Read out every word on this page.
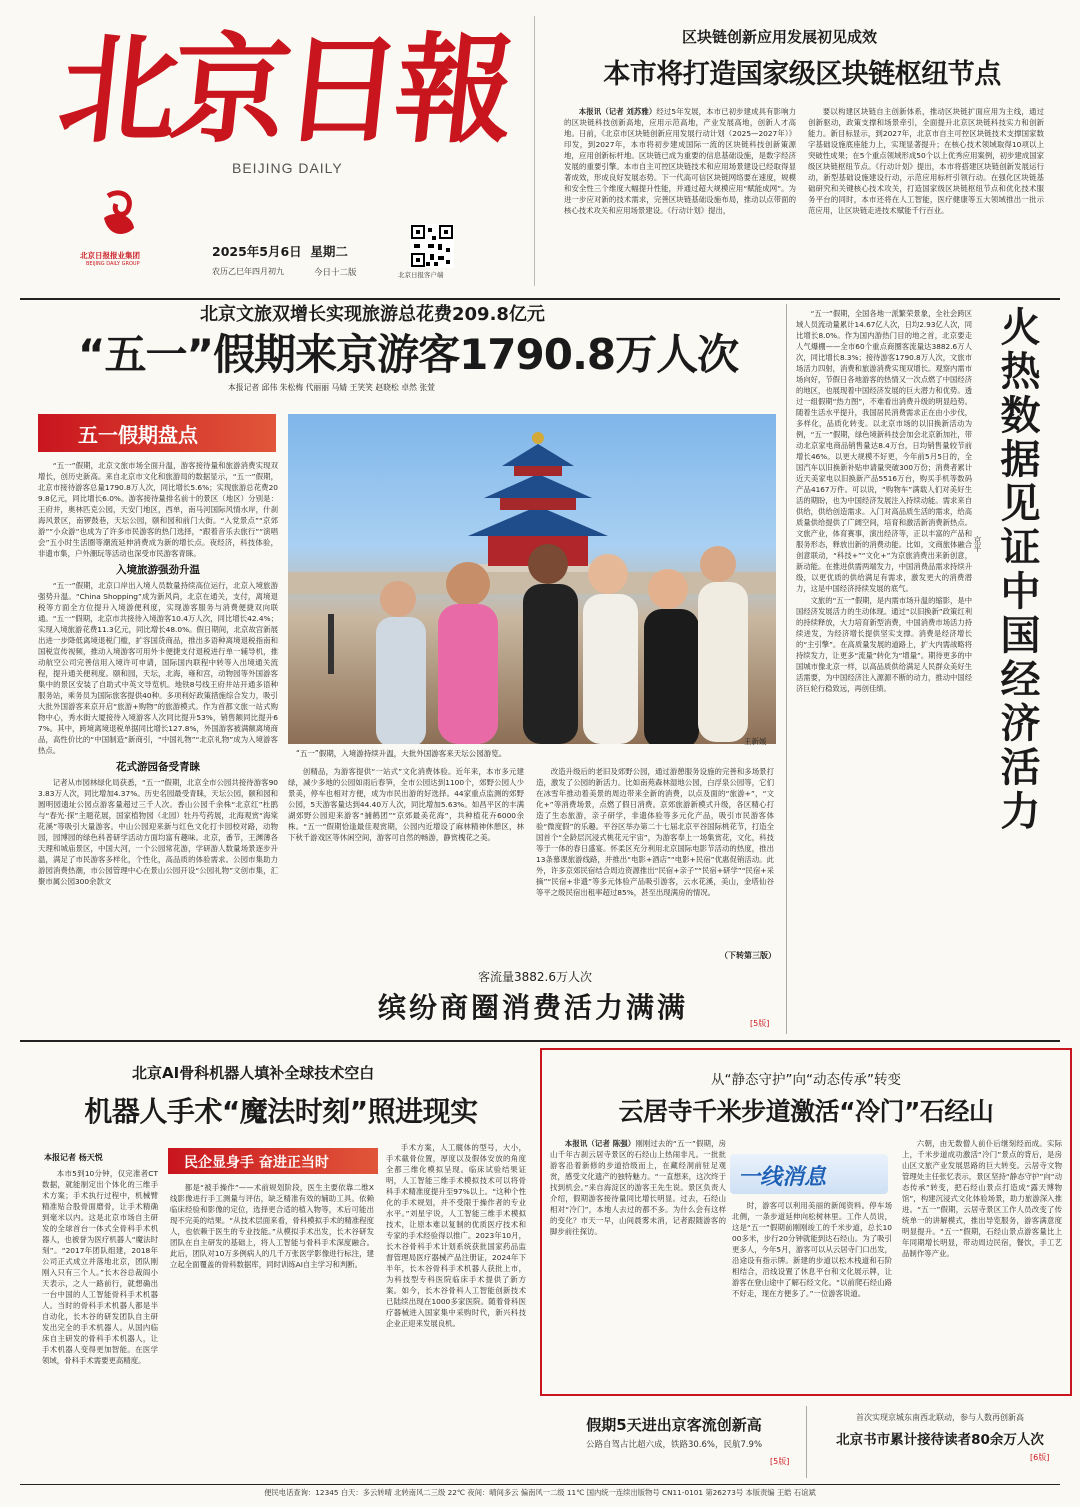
北京日報
BEIJING DAILY
北京日报报业集团
BEIJING DAILY GROUP
2025年5月6日 星期二
农历乙巳年四月初九	今日十二版	北京日报客户端
区块链创新应用发展初见成效
本市将打造国家级区块链枢纽节点

本报讯（记者 刘苏雅）经过5年发展，本市已初步建成具有影响力的区块链科技创新高地，应用示范高地，产业发展高地，创新人才高地。日前，《北京市区块链创新应用发展行动计划（2025—2027年）》印发，到2027年，本市将初步建成国际一流的区块链科技创新策源地，应用创新标杆地。区块链已成为重要的信息基础设施，是数字经济发展的重要引擎。本市自主可控区块链技术和应用场景建设已经取得显著成效，形成良好发展态势。下一代高可信区块链网络要在速度，规模和安全性三个维度大幅提升性能，并通过超大规模应用“赋能成网”。为进一步应对新的技术需求，完善区块链基础设施布局，推动以点带面的核心技术攻关和应用场景建设。《行动计划》提出，

要以构建区块链自主创新体系，推动区块链扩面应用为主线，通过创新驱动，政策支撑和场景牵引，全面提升北京区块链科技实力和创新能力。新目标显示，到2027年，北京市自主可控区块链技术支撑国家数字基础设施底座能力上，实现显著提升；在核心技术领域取得10项以上突破性成果；在5个重点领域形成50个以上优秀应用案例，初步建成国家级区块链枢纽节点。《行动计划》提出，本市将搭建区块链创新发展运行动，新型基础设施建设行动，示范应用标杆引领行动。在强化区块链基础研究和关键核心技术攻关，打造国家级区块链枢纽节点和优化技术服务平台的同时，本市还将在人工智能，医疗健康等五大领域推出一批示范应用，让区块链走进技术赋能千行百业。

北京文旅双增长实现旅游总花费209.8亿元
“五一”假期来京游客1790.8万人次
本报记者 邱伟 朱松梅 代丽丽 马婧 王笑笑 赵晓松 卓然 张萱
五一假期盘点

“五一”假期，北京文旅市场全面升温，游客接待量和旅游消费实现双增长，创历史新高。来自北京市文化和旅游局的数据显示，“五一”假期，北京市接待游客总量1790.8万人次，同比增长5.6%；实现旅游总花费209.8亿元，同比增长6.0%。游客接待量排名前十的景区（地区）分别是：王府井，奥林匹克公园，天安门地区，西单，南马河国际风情水岸，什刹海风景区，南锣鼓巷，天坛公园，颐和园和前门大街。“入党景点”“京郊游”“小众游”也成为了许多市民游客的热门选择，“跟着音乐去旅行”“演唱会”五小时生活圈等潮流延伸消费成为新的增长点。夜经济，科技体验，非遗市集，户外潮玩等活动也深受市民游客青睐。

入境旅游强劲升温

“五一”假期，北京口岸出入境人员数量持续高位运行，北京入境旅游强势升温。“China Shopping”成为新风尚，北京在通关，支付，离境退税等方面全方位提升入境游便利度，实现游客服务与消费便捷双向联通。“五一”假期，北京市共接待入境游客10.4万人次，同比增长42.4%；实现入境旅游花费11.3亿元，同比增长48.0%。假日期间，北京故宫新展出进一步降低离境退税门槛，扩容国货商品，推出多语种离境退税指南和国税宣传视频，推动入境游客可用外卡便捷支付退税进行单一辅导机，推动航空公司完善信用入境许可申请，国际国内联程中转等入出境通关流程，提升通关便利度。颐和园，天坛，北海，雍和宫，动物园等外国游客集中的景区安装了自助式中英文导览机。地铁8号线王府井站开通多语种服务站，乘务员为国际旅客提供40种。多项利好政策措施综合发力，吸引大批外国游客来京开启“旅游+购物”的旅游模式。作为首都文旅一站式购物中心，秀水街大厦接待入境游客人次同比提升53%，销售额同比提升67%。其中，跨境离境退税单据同比增长127.8%，外国游客被满额离境商品，高性价比的“中国制造”新商引，“中国礼物”“北京礼物”成为入境游客热点。

花式游园备受青睐

记者从市园林绿化局获悉，“五一”假期，北京全市公园共接待游客903.83万人次，同比增加4.37%。历史名园最受青睐，天坛公园，颐和园和圆明园遗址公园点游客量超过三千人次。香山公园千余株“北京红”杜鹃与“春光·探”主题花展，国家植物园（北园）牡丹芍药展，北海观赏“海棠花溪”等吸引大量游客。中山公园迎来新与红色文化打卡园校对路，动物园，园博园的绿色科普研学活动方面均富有趣味。北京，番节，王渊薄各天理和城庙景区，中国大河，一个公园常花游，学研游人数量场景逐步升温，满足了市民游客多样化，个性化，高品质的体验需求。公园市集助力游园消费热潮，市公园管理中心在景山公园开设“公园礼物”文创市集，汇聚市属公园300余款文

“五一”假期，入境游持续升温，大批外国游客来天坛公园游览。
王新媛

创精品，为游客提供“一站式”文化消费体验。近年来，本市多元建绿，减少多地的公园如雨后春笋，全市公园达到1100个，郊野公园人少景美，停车也相对方便，成为市民出游的好选择。44家重点监测的郊野公园，5天游客量达到44.40万人次，同比增加5.63%。如昌平区的丰满湖郊野公园迎来游客“捕鹤团”“京郊最美花海”，共种植花卉6000余株。“五一”假期恰逢最佳观赏期，公园内近增设了麻林精神休憩区，林下秋千游戏区等休闲空间，游客可自然的畅游，静赏槐花之美。

改造升级后的老旧及郊野公园，通过游憩服务设施的完善和多场景打造，激发了公园的新活力。比如南苑森林湿地公园，白浮泉公园等，它们在冰雪年推动着美景的周边带来全新的消费，以点及面的“旅游+”，“文化+”等消费场景，点燃了假日消费。京郊旅游新模式升级，各区精心打造了生态旅游，亲子研学，非遗体验等多元化产品，吸引市民游客体验“微度假”的乐趣。平谷区举办第二十七届北京平谷国际桃花节，打造全国首个“全龄层沉浸式桃花元宇宙”，为游客奉上一场集赏花，文化，科技等于一体的春日盛宴。怀柔区充分利用北京国际电影节活动的热度，推出13条慕课旅游线路，并推出“电影+酒店”“电影+民宿”优惠促销活动。此外，许多京郊民宿结合周边资源推出“民宿+亲子”“民宿+研学”“民宿+采摘”“民宿+非遗”等多元体验产品吸引游客，云水花溪，美山，金塔仙谷等平之级民宿出租率超过85%，甚至出现满房的情况。

（下转第三版）
客流量3882.6万人次
缤纷商圈消费活力满满	[5版]

“五一”假期，全国各地一派繁荣景象，全社会跨区域人员流动量累计14.67亿人次，日均2.93亿人次，同比增长8.0%。作为国内游热门目的地之首，北京要走人气爆棚——全市60个重点商圈客流量达3882.6万人次，同比增长8.3%；接待游客1790.8万人次，文旅市场活力四射，消费和旅游消费实现双增长。观察内需市场向好，节假日各地游客的热情又一次点燃了中国经济的地区，也展现着中国经济发展的巨大潜力和优势。透过一组假期“热力图”，不难看出消费升级的明显趋势。随着生活水平提升，我国居民消费需求正在由小步伐，多样化，品质化转变。以北京市场的以旧换新活动为例，“五一”假期，绿色境新科技会加会北京新加社，带动北京家电商品销售量达8.4万台，日均销售量较节前增长46%。以更大规模不好更，今年前5月5日的，全国汽车以旧换新补贴申请量突破300万份；消费者累计近天美家电以旧换新产品5516万台，购买手机等数码产品4167万件。可以说，“购物车”满载人们对美好生活的期盼，也为中国经济发展注入持续动能。需求来自供给，供给创造需求。入门对高品质生活的需求，给高质量供给提供了广阔空间，培育和激活新消费新热点。文旅产业，体育赛事，演出经济等，正以丰富的产品和服务形态，释放出新的消费动能。比如，文商旅体融合创意联动，“科技+”“文化+”为京旅消费出来新创意，新动能。在推进供需两端发力，中国消费品需求持续升级，以更优质的供给满足有需求，激发更大的消费潜力，这是中国经济持续发展的底气。

文旅的“五一”假期，是内需市场升温的缩影，是中国经济发展活力的生动体现。通过“以旧换新”政策红利的持续释放，大力培育新型消费，中国消费市场活力持续迸发，为经济增长提供坚实支撑。消费是经济增长的“主引擎”。在高质量发展的道路上，扩大内需战略将持续发力，让更多“流量”转化为“增量”。期待更多的中国城市像北京一样，以高品质供给满足人民群众美好生活需要，为中国经济注入源源不断的动力，推动中国经济巨轮行稳致远，再创佳绩。	火热数据见证中国经济活力
京平
北京AI骨科机器人填补全球技术空白
机器人手术“魔法时刻”照进现实
本报记者 杨天悦	民企显身手 奋进正当时

本市5到10分钟，仅完准者CT数据，就能制定出个体化的三维手术方案；手术执行过程中，机械臂精准贴合股骨面磨骨，让手术精确到毫米以内。这是北京市场自主研发的全球首台一体式全骨科手术机器人，也被誉为医疗机器人“魔法时刻”。“2017年团队组建，2018年公司正式成立并落地北京，团队刚刚入只有三个人。”长木谷总裁阎小天表示，之人一路前行，就想确出一台中国的人工智能骨科手术机器人。当时的骨科手术机器人都是半自动化，长木谷的研发团队自主研发出完全的手术机器人。从国内临床自主研发的骨科手术机器人，让手术机器人变得更加智能。在医学领域，骨科手术需要更高精度。

都是“被手操作”——术前规划阶段，医生主要依靠二维X线影像进行手工测量与评估，缺乏精准有效的辅助工具。依赖临床经验和影像的定位，选择更合适的植入物等，术后可能出现不完美的结果。“从技术层面来看，骨科模拟手术的精准程度人，也依赖于医生的专业技能。”从模拟手术出发，长木谷研发团队在自主研发的基础上，将人工智能与骨科手术深度融合。此后，团队对10万多例病人的几千万张医学影像进行标注，建立起全面覆盖的骨科数据库，同时训练AI自主学习和判断。

手术方案，人工髋体的型号，大小，手术截骨位置，厚度以及假体安放的角度全都三维化模拟呈现。临床试验结果证明，人工智能三维手术模拟技术可以将骨科手术精准度提升至97%以上。“这种个性化的手术规划，并不受限于操作者的专业水平。”刘星宇说，人工智能三维手术模拟技术，让原本难以复制的优质医疗技术和专家的手术经验得以推广。2023年10月，长木谷骨科手术计划系统获批国家药品监督管理局医疗器械产品注册证，2024年下半年，长木谷骨科手术机器人获批上市，为科技型专科医院临床手术提供了新方案。如今，长木谷骨科人工智能创新技术已陆续出现在1000多家医院。随着骨科医疗器械进入国家集中采购时代，新兴科技企业正迎来发展良机。

从“静态守护”向“动态传承”转变
云居寺千米步道激活“冷门”石经山

本报讯（记者 陈强）刚刚过去的“五一”假期，房山千年古刹云居寺景区的石经山上热闹非凡。一批批游客沿着新修的步道拾级而上，在藏经洞前驻足观赏，感受文化遗产的独特魅力。“一直想来，这次终于找到机会。”来自海淀区的游客王先生说。景区负责人介绍，假期游客接待量同比增长明显。过去，石经山相对“冷门”，本地人去过的都不多。为什么会有这样的变化？市天一早，山间晨雾未消，记者跟随游客的脚步前往探访。

一线消息

时，游客可以利用美丽的新闻资料。停车场北侧，一条步道延伸向松树林里。工作人员说，这是“五一”假期前刚刚竣工的千米步道，总长1000多米，步行20分钟就能到达石经山。为了吸引更多人，今年5月，游客可以从云居寺门口出发，沿途设有指示牌。新建的步道以松木栈道和石阶相结合，沿线设置了休息平台和文化展示牌，让游客在登山途中了解石经文化。“以前爬石经山路不好走，现在方便多了。”一位游客说道。

六朝，由无数僧人前仆后继刻经而成。实际上，千米步道成功激活“冷门”景点的背后，是房山区文旅产业发展思路的巨大转变。云居寺文物管理处主任张忆表示，景区坚持“静态守护”向“动态传承”转变，把石经山景点打造成“露天博物馆”，构建沉浸式文化体验场景，助力旅游深入推进。“五一”假期，云居寺景区工作人员改变了传统单一的讲解模式，推出导览服务，游客满意度明显提升。“五一”假期，石经山景点游客量比上年同期增长明显，带动周边民宿，餐饮，手工艺品制作等产业。

假期5天进出京客流创新高
公路自驾占比超六成，铁路30.6%，民航7.9%
[5版]
首次实现京城东南西北联动，参与人数再创新高
北京书市累计接待读者80余万人次
[6版]
便民电话查询：12345 白天：多云转晴 北转南风二三级 22℃ 夜间：晴间多云 偏南风一二级 11℃ 国内统一连续出版物号 CN11-0101 第26273号 本版责编 王皓 石谊斌
